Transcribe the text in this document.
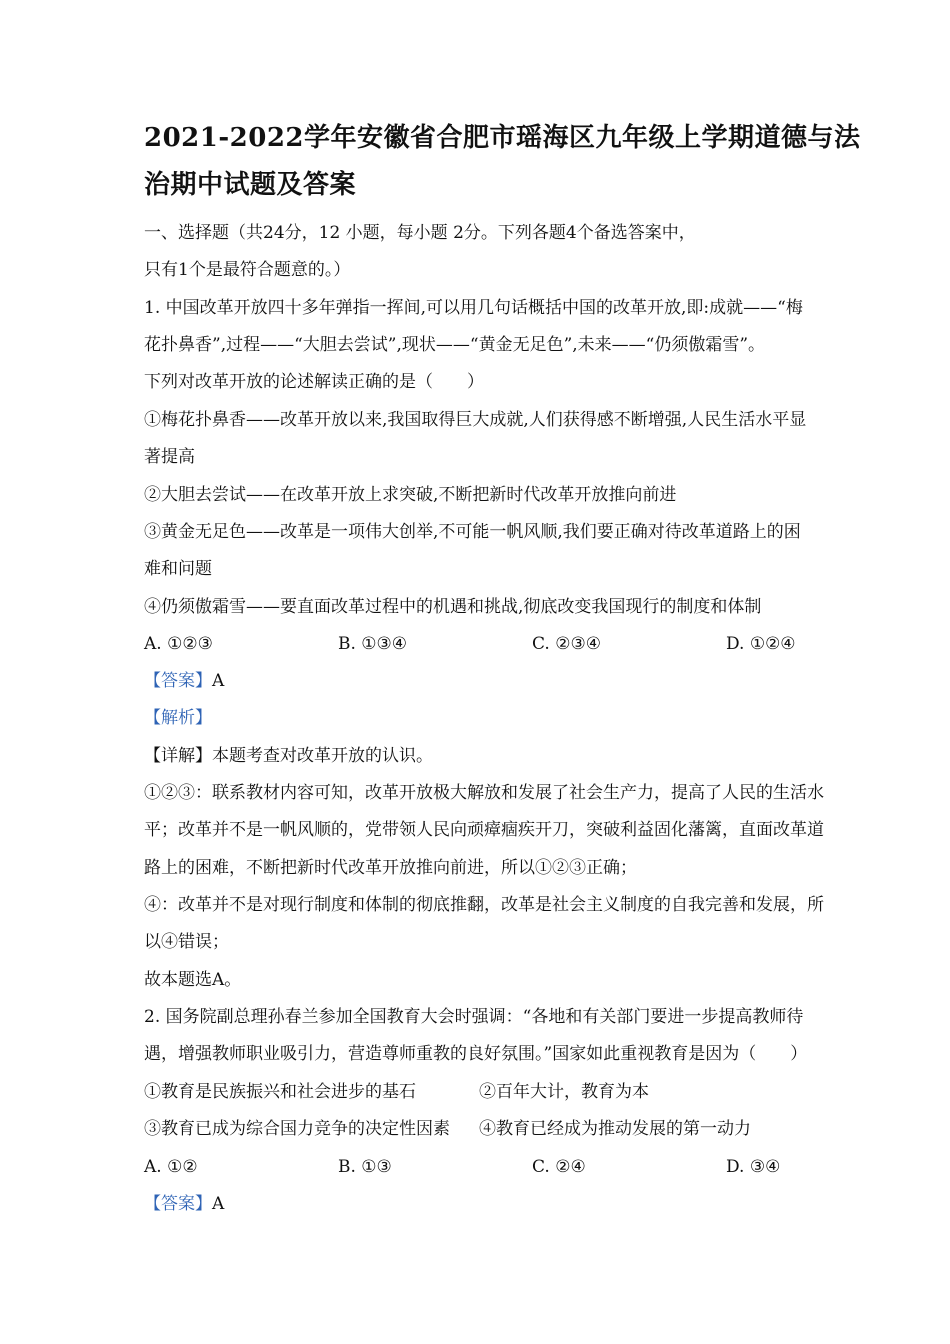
2021-2022学年安徽省合肥市瑶海区九年级上学期道德与法
治期中试题及答案
一、选择题（共24分，12 小题，每小题 2分。下列各题4个备选答案中，
只有1个是最符合题意的。）
1. 中国改革开放四十多年弹指一挥间,可以用几句话概括中国的改革开放,即:成就——“梅
花扑鼻香”,过程——“大胆去尝试”,现状——“黄金无足色”,未来——“仍须傲霜雪”。
下列对改革开放的论述解读正确的是（　　）
①梅花扑鼻香——改革开放以来,我国取得巨大成就,人们获得感不断增强,人民生活水平显
著提高
②大胆去尝试——在改革开放上求突破,不断把新时代改革开放推向前进
③黄金无足色——改革是一项伟大创举,不可能一帆风顺,我们要正确对待改革道路上的困
难和问题
④仍须傲霜雪——要直面改革过程中的机遇和挑战,彻底改变我国现行的制度和体制
A. ①②③	B. ①③④	C. ②③④	D. ①②④
【答案】A
【解析】
【详解】本题考查对改革开放的认识。
①②③：联系教材内容可知，改革开放极大解放和发展了社会生产力，提高了人民的生活水
平；改革并不是一帆风顺的，党带领人民向顽瘴痼疾开刀，突破利益固化藩篱，直面改革道
路上的困难，不断把新时代改革开放推向前进，所以①②③正确；
④：改革并不是对现行制度和体制的彻底推翻，改革是社会主义制度的自我完善和发展，所
以④错误；
故本题选A。
2. 国务院副总理孙春兰参加全国教育大会时强调：“各地和有关部门要进一步提高教师待
遇，增强教师职业吸引力，营造尊师重教的良好氛围。”国家如此重视教育是因为（　　）
①教育是民族振兴和社会进步的基石	②百年大计，教育为本
③教育已成为综合国力竞争的决定性因素 ④教育已经成为推动发展的第一动力
A. ①②	B. ①③	C. ②④	D. ③④
【答案】A
